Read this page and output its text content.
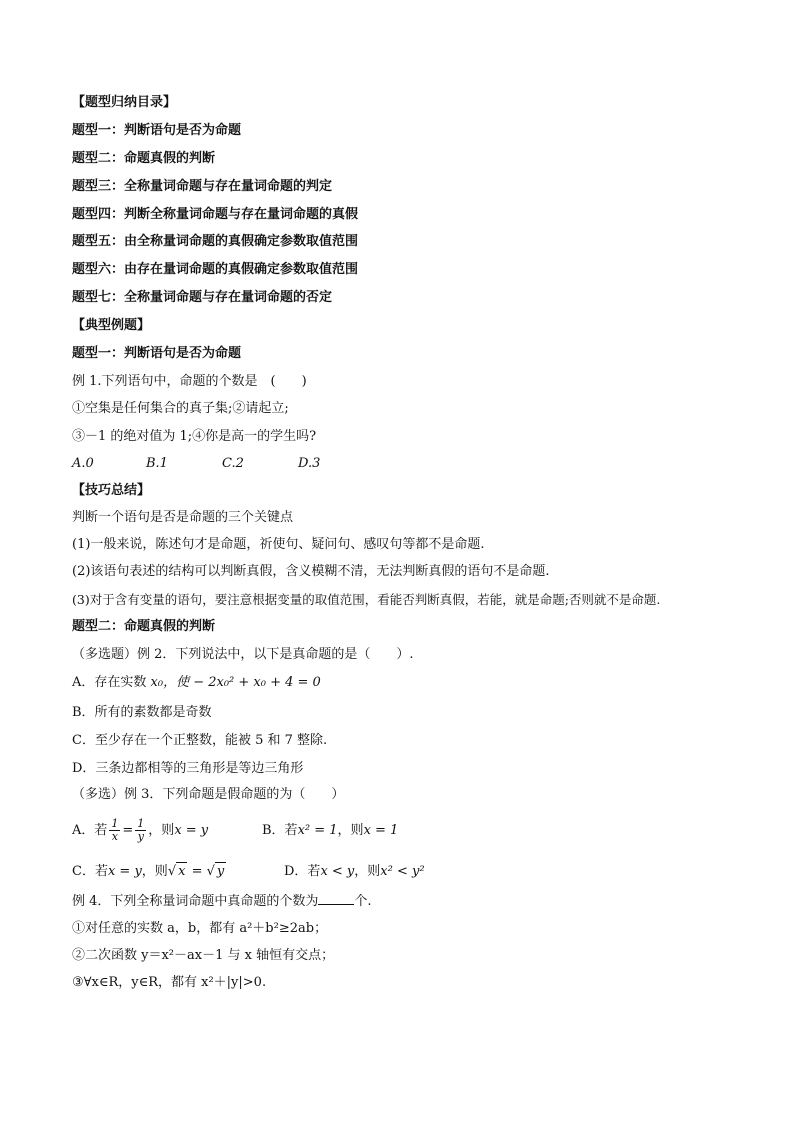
【题型归纳目录】
题型一：判断语句是否为命题
题型二：命题真假的判断
题型三：全称量词命题与存在量词命题的判定
题型四：判断全称量词命题与存在量词命题的真假
题型五：由全称量词命题的真假确定参数取值范围
题型六：由存在量词命题的真假确定参数取值范围
题型七：全称量词命题与存在量词命题的否定
【典型例题】
题型一：判断语句是否为命题
例 1.下列语句中，命题的个数是　(　　)
①空集是任何集合的真子集;②请起立;
③－1 的绝对值为 1;④你是高一的学生吗?
A.0	B.1	C.2	D.3
【技巧总结】
判断一个语句是否是命题的三个关键点
(1)一般来说，陈述句才是命题，祈使句、疑问句、感叹句等都不是命题.
(2)该语句表述的结构可以判断真假，含义模糊不清，无法判断真假的语句不是命题.
(3)对于含有变量的语句，要注意根据变量的取值范围，看能否判断真假，若能，就是命题;否则就不是命题.
题型二：命题真假的判断
（多选题）例 2．下列说法中，以下是真命题的是（　　）.
A．存在实数 x₀，使 − 2x₀² + x₀ + 4 = 0
B．所有的素数都是奇数
C．至少存在一个正整数，能被 5 和 7 整除.
D．三条边都相等的三角形是等边三角形
（多选）例 3．下列命题是假命题的为（　　）
A．若 $\frac{1}{x} = \frac{1}{y}$ ，则x = y	B．若x² = 1，则x = 1
C．若x = y，则√ x = √ y	D．若x < y，则x² < y²
例 4．下列全称量词命题中真命题的个数为	个.
①对任意的实数 a，b，都有 a²＋b²≥2ab；
②二次函数 y＝x²－ax－1 与 x 轴恒有交点；
③∀x∈R，y∈R，都有 x²＋|y|>0.
